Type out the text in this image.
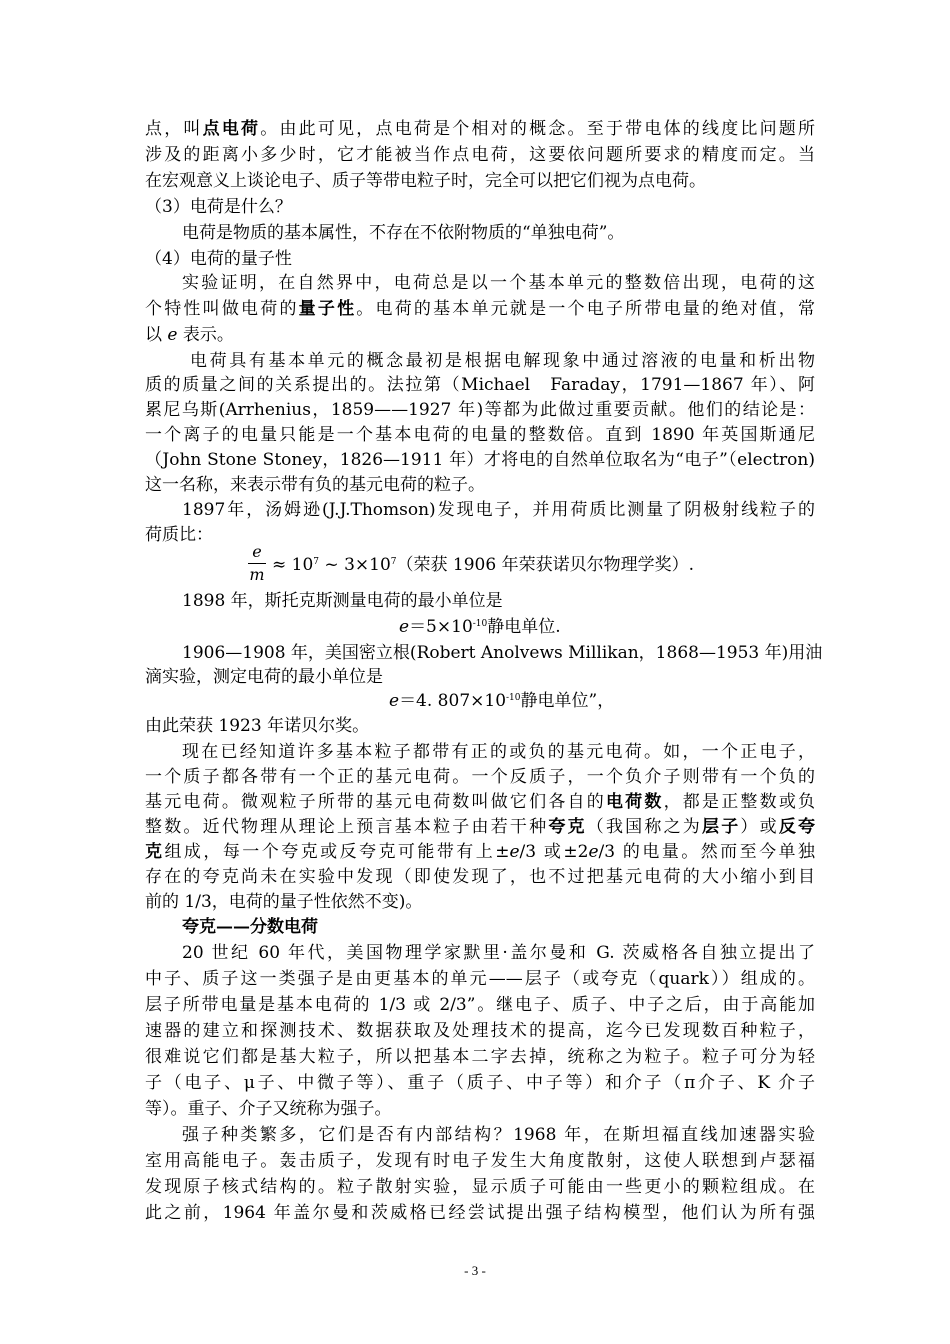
点，叫点电荷。由此可见，点电荷是个相对的概念。至于带电体的线度比问题所
涉及的距离小多少时，它才能被当作点电荷，这要依问题所要求的精度而定。当
在宏观意义上谈论电子、质子等带电粒子时，完全可以把它们视为点电荷。
（3）电荷是什么？
电荷是物质的基本属性，不存在不依附物质的“单独电荷”。
（4）电荷的量子性
实验证明，在自然界中，电荷总是以一个基本单元的整数倍出现，电荷的这
个特性叫做电荷的量子性。电荷的基本单元就是一个电子所带电量的绝对值，常
以 e 表示。
电荷具有基本单元的概念最初是根据电解现象中通过溶液的电量和析出物
质的质量之间的关系提出的。法拉第（Michael　Faraday，1791—1867 年）、阿
累尼乌斯(Arrhenius，1859——1927 年)等都为此做过重要贡献。他们的结论是：
一个离子的电量只能是一个基本电荷的电量的整数倍。直到 1890 年英国斯通尼
（John Stone Stoney，1826—1911 年）才将电的自然单位取名为“电子”（electron)
这一名称，来表示带有负的基元电荷的粒子。
1897年，汤姆逊(J.J.Thomson)发现电子，并用荷质比测量了阴极射线粒子的
荷质比：
e
$m \approx 10^7$ ~ $3\times 10^7$（荣获 1906 年荣获诺贝尔物理学奖）.
1898 年，斯托克斯测量电荷的最小单位是
$e=5\times 10^{-10}$静电单位.
1906—1908 年，美国密立根(Robert Anolvews Millikan，1868—1953 年)用油
滴实验，测定电荷的最小单位是
e＝4. $807\times 10^{-10}$静电单位”，
由此荣获 1923 年诺贝尔奖。
现在已经知道许多基本粒子都带有正的或负的基元电荷。如，一个正电子，
一个质子都各带有一个正的基元电荷。一个反质子，一个负介子则带有一个负的
基元电荷。微观粒子所带的基元电荷数叫做它们各自的电荷数，都是正整数或负
整数。近代物理从理论上预言基本粒子由若干种夸克（我国称之为层子）或反夸
克组成，每一个夸克或反夸克可能带有上±e/3 或±2e/3 的电量。然而至今单独
存在的夸克尚未在实验中发现（即使发现了，也不过把基元电荷的大小缩小到目
前的 1/3，电荷的量子性依然不变)。
夸克——分数电荷
20 世纪 60 年代，美国物理学家默里·盖尔曼和 G. 茨威格各自独立提出了
中子、质子这一类强子是由更基本的单元——层子（或夸克（quark））组成的。
层子所带电量是基本电荷的 1/3 或 2/3”。继电子、质子、中子之后，由于高能加
速器的建立和探测技术、数据获取及处理技术的提高，迄今已发现数百种粒子，
很难说它们都是基大粒子，所以把基本二字去掉，统称之为粒子。粒子可分为轻
子（电子、μ子、中微子等）、重子（质子、中子等）和介子（π介子、K 介子
等）。重子、介子又统称为强子。
强子种类繁多，它们是否有内部结构？1968 年，在斯坦福直线加速器实验
室用高能电子。轰击质子，发现有时电子发生大角度散射，这使人联想到卢瑟福
发现原子核式结构的。粒子散射实验，显示质子可能由一些更小的颗粒组成。在
此之前，1964 年盖尔曼和茨威格已经尝试提出强子结构模型，他们认为所有强
- 3 -
